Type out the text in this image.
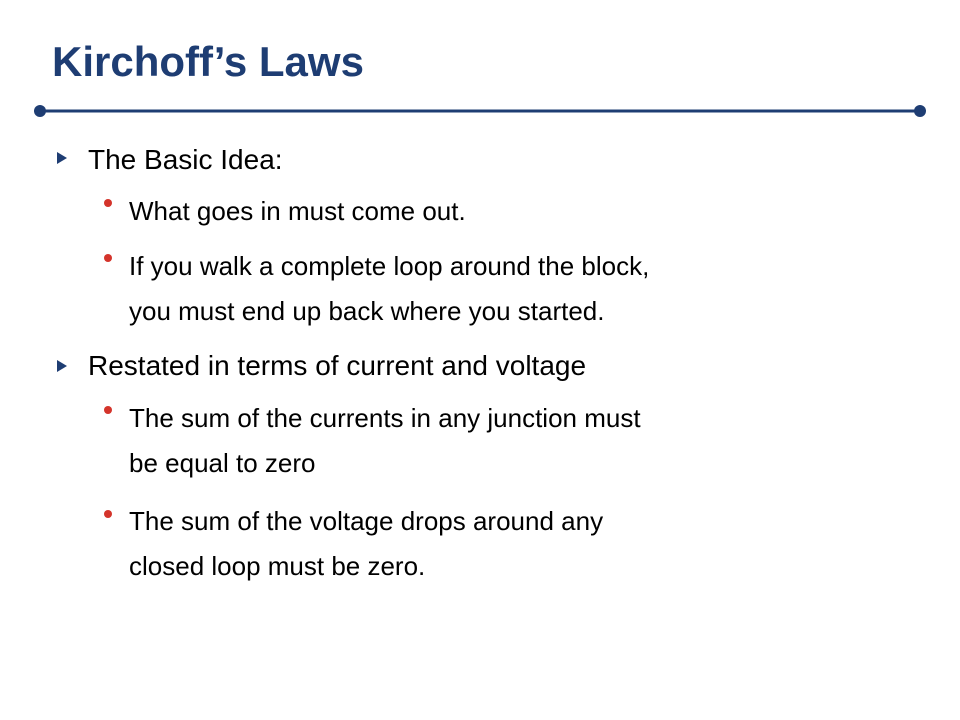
Kirchoff’s Laws

The Basic Idea:

What goes in must come out.

If you walk a complete loop around the block,

you must end up back where you started.

Restated in terms of current and voltage

The sum of the currents in any junction must

be equal to zero

The sum of the voltage drops around any

closed loop must be zero.
